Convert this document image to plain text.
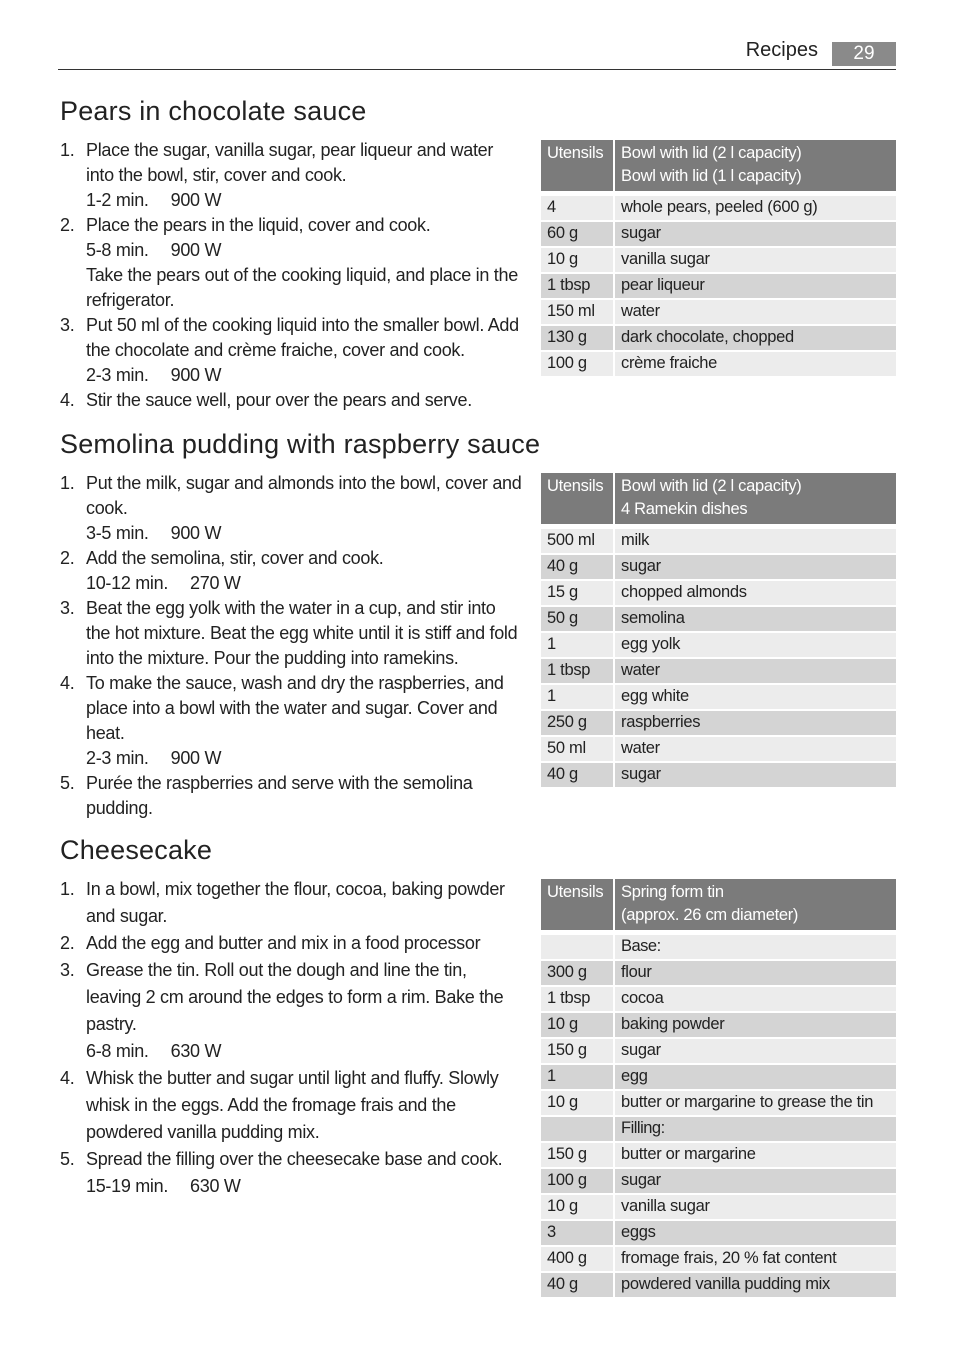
Recipes	29
Pears in chocolate sauce
1. Place the sugar, vanilla sugar, pear liqueur and water into the bowl, stir, cover and cook.
1-2 min. 900 W
2. Place the pears in the liquid, cover and cook.
5-8 min. 900 W
Take the pears out of the cooking liquid, and place in the refrigerator.
3. Put 50 ml of the cooking liquid into the smaller bowl. Add the chocolate and crème fraiche, cover and cook.
2-3 min. 900 W
4. Stir the sauce well, pour over the pears and serve.
Utensils	Bowl with lid (2 l capacity)
Bowl with lid (1 l capacity)

4	whole pears, peeled (600 g)
60 g	sugar
10 g	vanilla sugar
1 tbsp	pear liqueur
150 ml	water
130 g	dark chocolate, chopped
100 g	crème fraiche
Semolina pudding with raspberry sauce
1. Put the milk, sugar and almonds into the bowl, cover and cook.
3-5 min. 900 W
2. Add the semolina, stir, cover and cook.
10-12 min. 270 W
3. Beat the egg yolk with the water in a cup, and stir into the hot mixture. Beat the egg white until it is stiff and fold into the mixture. Pour the pudding into ramekins.
4. To make the sauce, wash and dry the raspberries, and place into a bowl with the water and sugar. Cover and heat.
2-3 min. 900 W
5. Purée the raspberries and serve with the semolina pudding.
Utensils	Bowl with lid (2 l capacity)
4 Ramekin dishes

500 ml	milk
40 g	sugar
15 g	chopped almonds
50 g	semolina
1	egg yolk
1 tbsp	water
1	egg white
250 g	raspberries
50 ml	water
40 g	sugar
Cheesecake
1. In a bowl, mix together the flour, cocoa, baking powder and sugar.
2. Add the egg and butter and mix in a food processor
3. Grease the tin. Roll out the dough and line the tin, leaving 2 cm around the edges to form a rim. Bake the pastry.
6-8 min. 630 W
4. Whisk the butter and sugar until light and fluffy. Slowly whisk in the eggs. Add the fromage frais and the powdered vanilla pudding mix.
5. Spread the filling over the cheesecake base and cook.
15-19 min. 630 W
Utensils	Spring form tin
(approx. 26 cm diameter)

	Base:
300 g	flour
1 tbsp	cocoa
10 g	baking powder
150 g	sugar
1	egg
10 g	butter or margarine to grease the tin
	Filling:
150 g	butter or margarine
100 g	sugar
10 g	vanilla sugar
3	eggs
400 g	fromage frais, 20 % fat content
40 g	powdered vanilla pudding mix
